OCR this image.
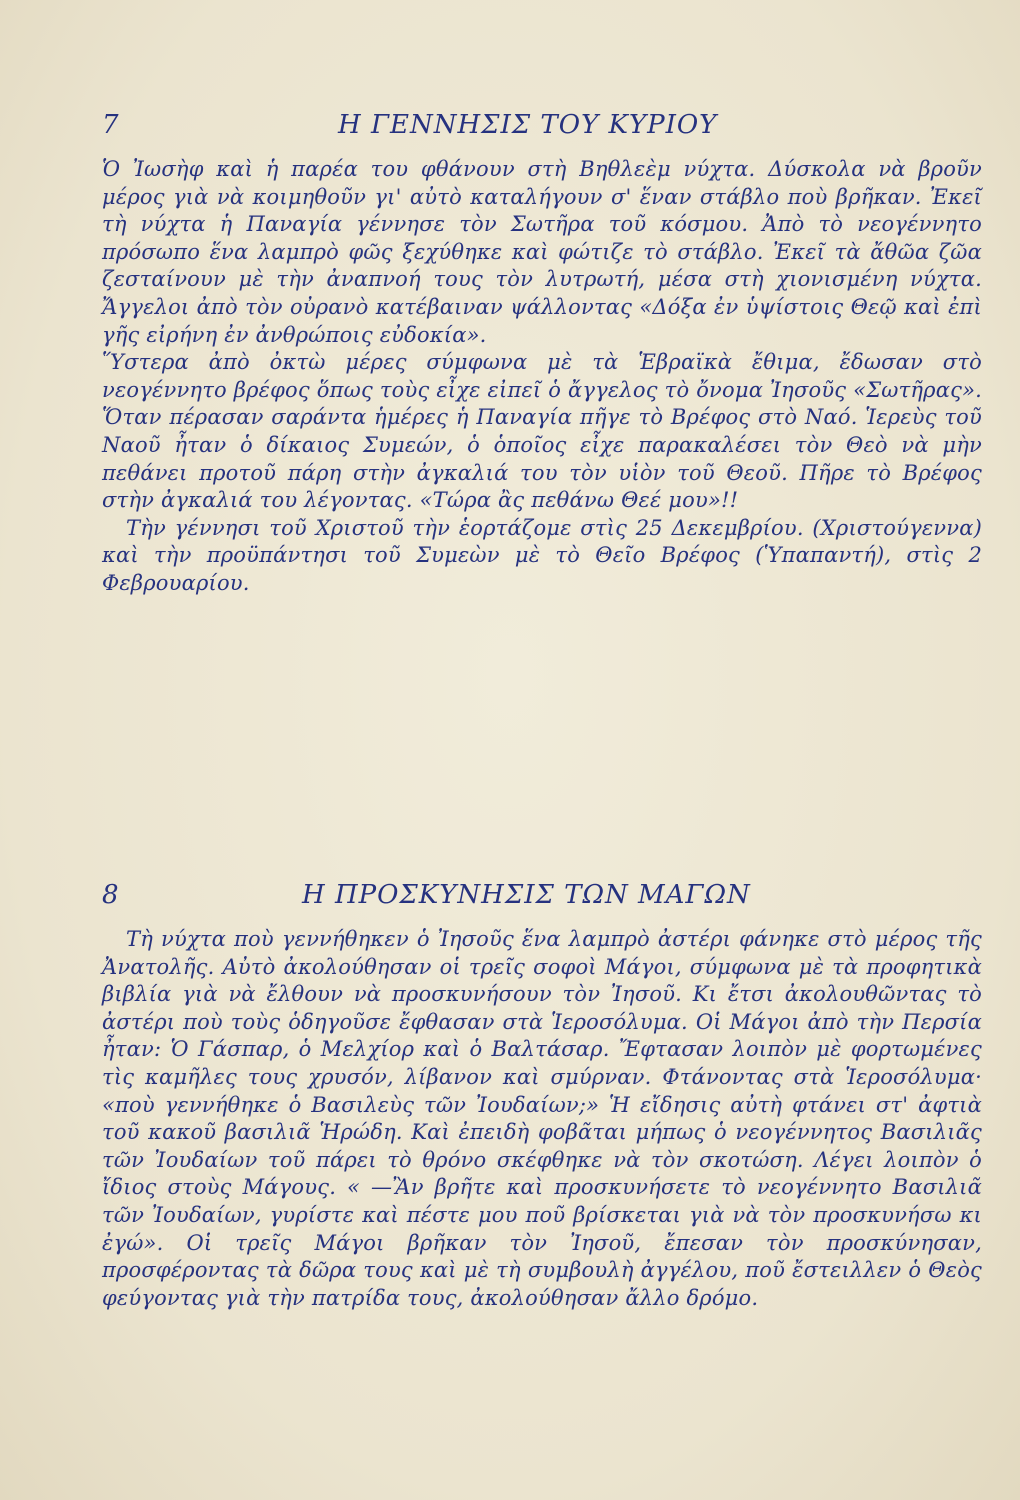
7	Η ΓΕΝΝΗΣΙΣ ΤΟΥ ΚΥΡΙΟΥ

Ὁ Ἰωσὴφ καὶ ἡ παρέα του φθάνουν στὴ Βηθλεὲμ νύχτα. Δύσκολα νὰ βροῦν μέρος γιὰ νὰ κοιμηθοῦν γι' αὐτὸ καταλήγουν σ' ἕναν στάβλο ποὺ βρῆκαν. Ἐκεῖ τὴ νύχτα ἡ Παναγία γέννησε τὸν Σωτῆρα τοῦ κόσμου. Ἀπὸ τὸ νεογέννητο πρόσωπο ἕνα λαμπρὸ φῶς ξεχύθηκε καὶ φώτιζε τὸ στάβλο. Ἐκεῖ τὰ ἄθῶα ζῶα ζεσταίνουν μὲ τὴν ἀναπνοή τους τὸν λυτρωτή, μέσα στὴ χιονισμένη νύχτα. Ἄγγελοι ἀπὸ τὸν οὐρανὸ κατέβαιναν ψάλλοντας «Δόξα ἐν ὑψίστοις Θεῷ καὶ ἐπὶ γῆς εἰρήνη ἐν ἀνθρώποις εὐδοκία».

Ὕστερα ἀπὸ ὀκτὼ μέρες σύμφωνα μὲ τὰ Ἑβραϊκὰ ἔθιμα, ἔδωσαν στὸ νεογέννητο βρέφος ὅπως τοὺς εἶχε εἰπεῖ ὁ ἄγγελος τὸ ὄνομα Ἰησοῦς «Σωτῆρας». Ὅταν πέρασαν σαράντα ἡμέρες ἡ Παναγία πῆγε τὸ Βρέφος στὸ Ναό. Ἱερεὺς τοῦ Ναοῦ ἦταν ὁ δίκαιος Συμεών, ὁ ὁποῖος εἶχε παρακαλέσει τὸν Θεὸ νὰ μὴν πεθάνει προτοῦ πάρη στὴν ἀγκαλιά του τὸν υἱὸν τοῦ Θεοῦ. Πῆρε τὸ Βρέφος στὴν ἀγκαλιά του λέγοντας. «Τώρα ἂς πεθάνω Θεέ μου»!!

Τὴν γέννησι τοῦ Χριστοῦ τὴν ἑορτάζομε στὶς 25 Δεκεμβρίου. (Χριστούγεννα) καὶ τὴν προϋπάντησι τοῦ Συμεὼν μὲ τὸ Θεῖο Βρέφος (Ὑπαπαντή), στὶς 2 Φεβρουαρίου.

8	Η ΠΡΟΣΚΥΝΗΣΙΣ ΤΩΝ ΜΑΓΩΝ

Τὴ νύχτα ποὺ γεννήθηκεν ὁ Ἰησοῦς ἕνα λαμπρὸ ἀστέρι φάνηκε στὸ μέρος τῆς Ἀνατολῆς. Αὐτὸ ἀκολούθησαν οἱ τρεῖς σοφοὶ Μάγοι, σύμφωνα μὲ τὰ προφητικὰ βιβλία γιὰ νὰ ἔλθουν νὰ προσκυνήσουν τὸν Ἰησοῦ. Κι ἔτσι ἀκολουθῶντας τὸ ἀστέρι ποὺ τοὺς ὁδηγοῦσε ἔφθασαν στὰ Ἱεροσόλυμα. Οἱ Μάγοι ἀπὸ τὴν Περσία ἦταν: Ὁ Γάσπαρ, ὁ Μελχίορ καὶ ὁ Βαλτάσαρ. Ἔφτασαν λοιπὸν μὲ φορτωμένες τὶς καμῆλες τους χρυσόν, λίβανον καὶ σμύρναν. Φτάνοντας στὰ Ἱεροσόλυμα· «ποὺ γεννήθηκε ὁ Βασιλεὺς τῶν Ἰουδαίων;» Ἡ εἴδησις αὐτὴ φτάνει στ' ἀφτιὰ τοῦ κακοῦ βασιλιᾶ Ἡρώδη. Καὶ ἐπειδὴ φοβᾶται μήπως ὁ νεογέννητος Βασιλιᾶς τῶν Ἰουδαίων τοῦ πάρει τὸ θρόνο σκέφθηκε νὰ τὸν σκοτώση. Λέγει λοιπὸν ὁ ἴδιος στοὺς Μάγους. « —Ἂν βρῆτε καὶ προσκυνήσετε τὸ νεογέννητο Βασιλιᾶ τῶν Ἰουδαίων, γυρίστε καὶ πέστε μου ποῦ βρίσκεται γιὰ νὰ τὸν προσκυνήσω κι ἐγώ». Οἱ τρεῖς Μάγοι βρῆκαν τὸν Ἰησοῦ, ἔπεσαν τὸν προσκύνησαν, προσφέροντας τὰ δῶρα τους καὶ μὲ τὴ συμβουλὴ ἀγγέλου, ποῦ ἔστειλλεν ὁ Θεὸς φεύγοντας γιὰ τὴν πατρίδα τους, ἀκολούθησαν ἄλλο δρόμο.
